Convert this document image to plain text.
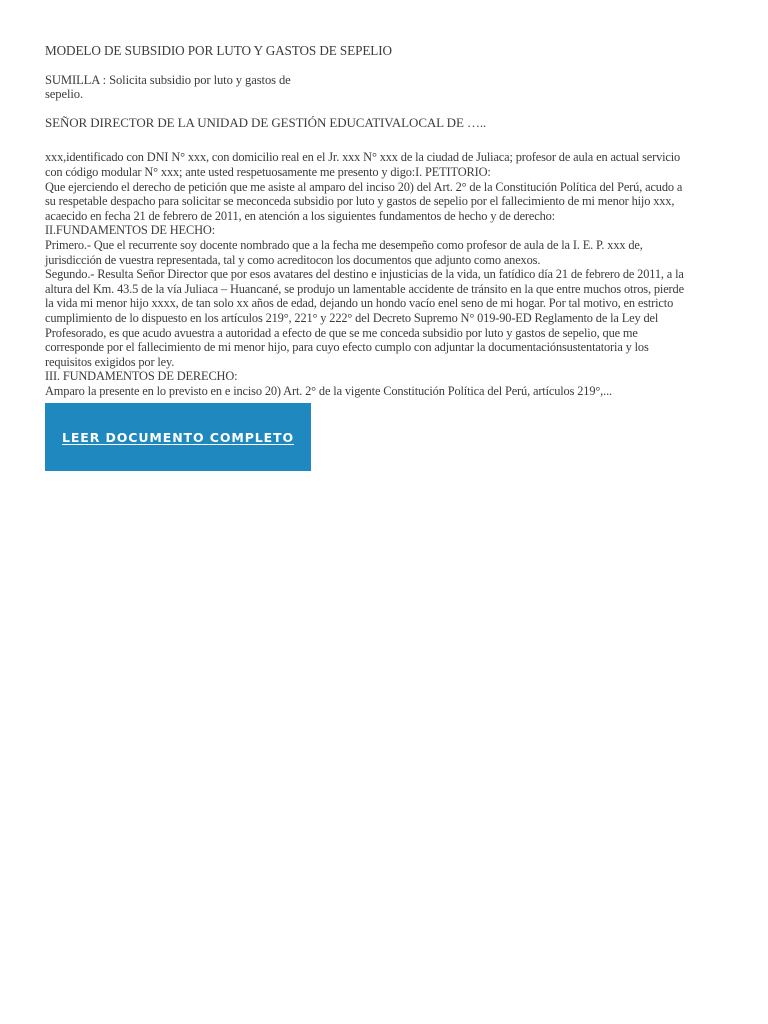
MODELO DE SUBSIDIO POR LUTO Y GASTOS DE SEPELIO
SUMILLA : Solicita subsidio por luto y gastos de
sepelio.
SEÑOR DIRECTOR DE LA UNIDAD DE GESTIÓN EDUCATIVALOCAL DE …..
xxx,identificado con DNI N° xxx, con domicilio real en el Jr. xxx N° xxx de la ciudad de Juliaca; profesor de aula en actual servicio
con código modular N° xxx; ante usted respetuosamente me presento y digo:I. PETITORIO:
Que ejerciendo el derecho de petición que me asiste al amparo del inciso 20) del Art. 2° de la Constitución Política del Perú, acudo a
su respetable despacho para solicitar se meconceda subsidio por luto y gastos de sepelio por el fallecimiento de mi menor hijo xxx,
acaecido en fecha 21 de febrero de 2011, en atención a los siguientes fundamentos de hecho y de derecho:
II.FUNDAMENTOS DE HECHO:
Primero.- Que el recurrente soy docente nombrado que a la fecha me desempeño como profesor de aula de la I. E. P. xxx de,
jurisdicción de vuestra representada, tal y como acreditocon los documentos que adjunto como anexos.
Segundo.- Resulta Señor Director que por esos avatares del destino e injusticias de la vida, un fatídico día 21 de febrero de 2011, a la
altura del Km. 43.5 de la vía Juliaca – Huancané, se produjo un lamentable accidente de tránsito en la que entre muchos otros, pierde
la vida mi menor hijo xxxx, de tan solo xx años de edad, dejando un hondo vacío enel seno de mi hogar. Por tal motivo, en estricto
cumplimiento de lo dispuesto en los artículos 219°, 221° y 222° del Decreto Supremo N° 019-90-ED Reglamento de la Ley del
Profesorado, es que acudo avuestra a autoridad a efecto de que se me conceda subsidio por luto y gastos de sepelio, que me
corresponde por el fallecimiento de mi menor hijo, para cuyo efecto cumplo con adjuntar la documentaciónsustentatoria y los
requisitos exigidos por ley.
III. FUNDAMENTOS DE DERECHO:
Amparo la presente en lo previsto en e inciso 20) Art. 2° de la vigente Constitución Política del Perú, artículos 219°,...
LEER DOCUMENTO COMPLETO
